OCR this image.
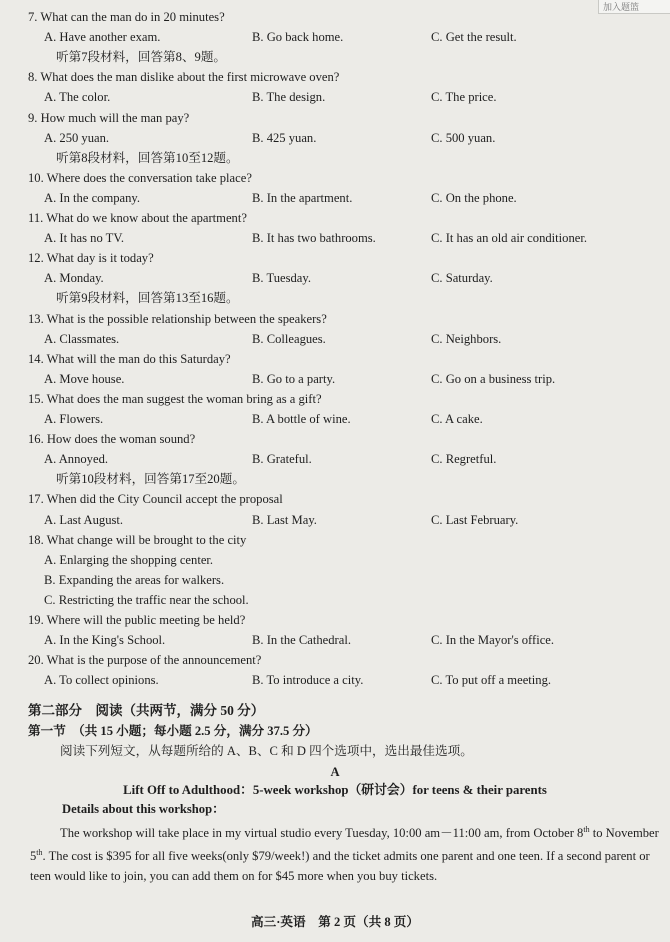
加入题篮
7. What can the man do in 20 minutes?
A. Have another exam.	B. Go back home.	C. Get the result.
听第7段材料，回答第8、9题。
8. What does the man dislike about the first microwave oven?
A. The color.	B. The design.	C. The price.
9. How much will the man pay?
A. 250 yuan.	B. 425 yuan.	C. 500 yuan.
听第8段材料，回答第10至12题。
10. Where does the conversation take place?
A. In the company.	B. In the apartment.	C. On the phone.
11. What do we know about the apartment?
A. It has no TV.	B. It has two bathrooms.	C. It has an old air conditioner.
12. What day is it today?
A. Monday.	B. Tuesday.	C. Saturday.
听第9段材料，回答第13至16题。
13. What is the possible relationship between the speakers?
A. Classmates.	B. Colleagues.	C. Neighbors.
14. What will the man do this Saturday?
A. Move house.	B. Go to a party.	C. Go on a business trip.
15. What does the man suggest the woman bring as a gift?
A. Flowers.	B. A bottle of wine.	C. A cake.
16. How does the woman sound?
A. Annoyed.	B. Grateful.	C. Regretful.
听第10段材料，回答第17至20题。
17. When did the City Council accept the proposal
A. Last August.	B. Last May.	C. Last February.
18. What change will be brought to the city
A. Enlarging the shopping center.
B. Expanding the areas for walkers.
C. Restricting the traffic near the school.
19. Where will the public meeting be held?
A. In the King's School.	B. In the Cathedral.	C. In the Mayor's office.
20. What is the purpose of the announcement?
A. To collect opinions.	B. To introduce a city.	C. To put off a meeting.
第二部分　阅读（共两节，满分 50 分）
第一节　（共 15 小题；每小题 2.5 分，满分 37.5 分）
阅读下列短文，从每题所给的 A、B、C 和 D 四个选项中，选出最佳选项。
A
Lift Off to Adulthood：5-week workshop（研讨会）for teens & their parents
Details about this workshop：
The workshop will take place in my virtual studio every Tuesday, 10:00 am－11:00 am, from October 8th to November 5th. The cost is $395 for all five weeks(only $79/week!) and the ticket admits one parent and one teen. If a second parent or teen would like to join, you can add them on for $45 more when you buy tickets.
高三·英语　第 2 页（共 8 页）
